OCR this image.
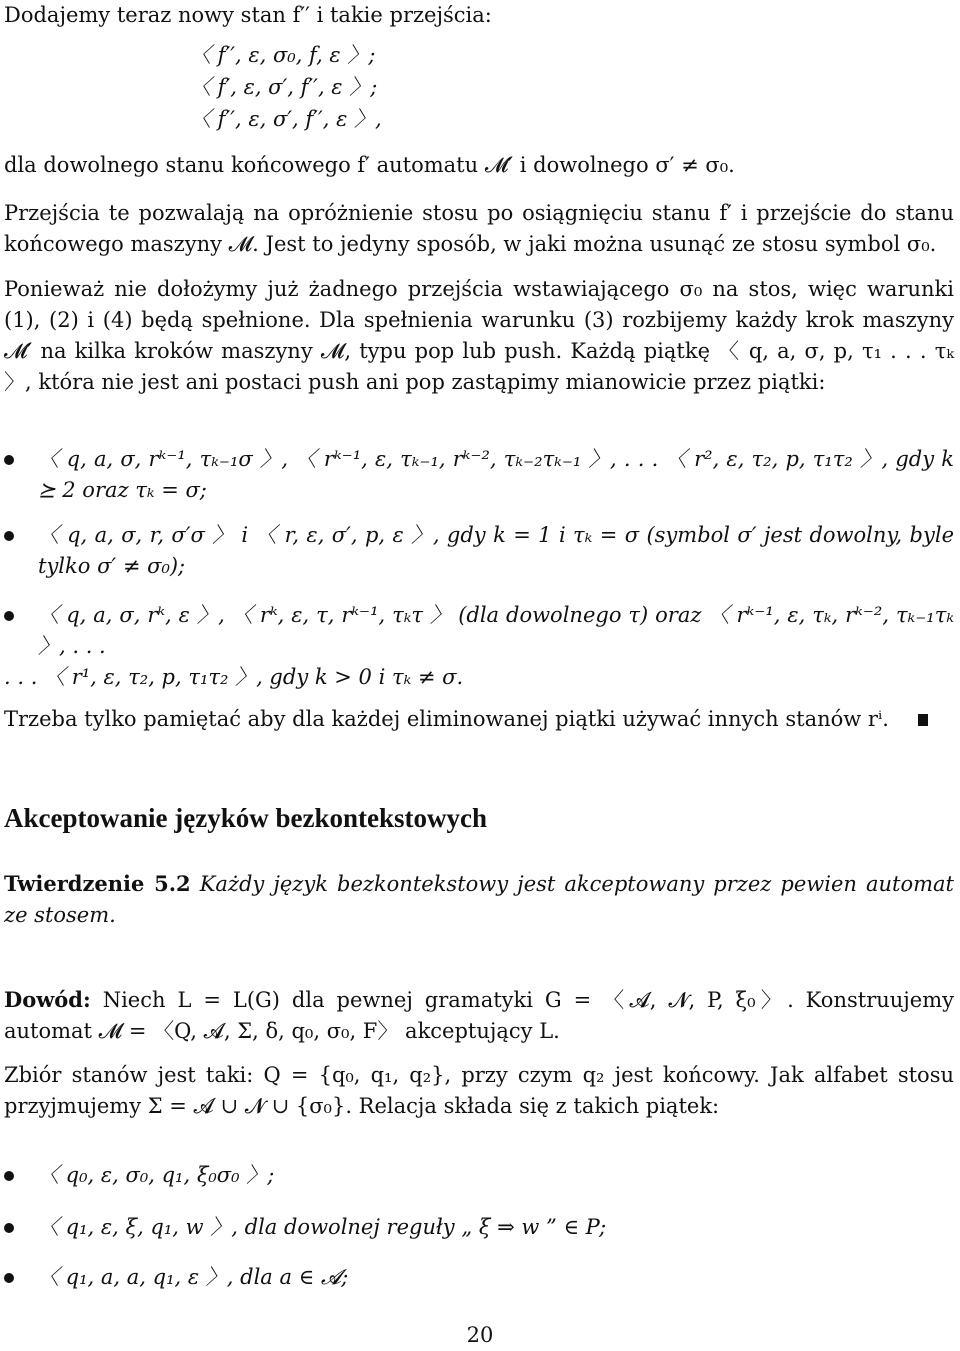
Dodajemy teraz nowy stan f′′ i takie przejścia:

〈 f′′, ε, σ₀, f, ε 〉;

〈 f′, ε, σ′, f′′, ε 〉;

〈 f′′, ε, σ′, f′′, ε 〉,

dla dowolnego stanu końcowego f′ automatu 𝓜′ i dowolnego σ′ ≠ σ₀.

Przejścia te pozwalają na opróżnienie stosu po osiągnięciu stanu f′ i przejście do stanu końcowego maszyny 𝓜. Jest to jedyny sposób, w jaki można usunąć ze stosu symbol σ₀.

Ponieważ nie dołożymy już żadnego przejścia wstawiającego σ₀ na stos, więc warunki (1), (2) i (4) będą spełnione. Dla spełnienia warunku (3) rozbijemy każdy krok maszyny 𝓜′ na kilka kroków maszyny 𝓜, typu pop lub push. Każdą piątkę 〈 q, a, σ, p, τ₁ . . . τₖ 〉, która nie jest ani postaci push ani pop zastąpimy mianowicie przez piątki:

〈 q, a, σ, rᵏ⁻¹, τₖ₋₁σ 〉, 〈 rᵏ⁻¹, ε, τₖ₋₁, rᵏ⁻², τₖ₋₂τₖ₋₁ 〉, . . . 〈 r², ε, τ₂, p, τ₁τ₂ 〉, gdy k ⪰ 2 oraz τₖ = σ;

〈 q, a, σ, r, σ′σ 〉 i 〈 r, ε, σ′, p, ε 〉, gdy k = 1 i τₖ = σ (symbol σ′ jest dowolny, byle tylko σ′ ≠ σ₀);

〈 q, a, σ, rᵏ, ε 〉, 〈 rᵏ, ε, τ, rᵏ⁻¹, τₖτ 〉 (dla dowolnego τ) oraz 〈 rᵏ⁻¹, ε, τₖ, rᵏ⁻², τₖ₋₁τₖ 〉, . . .

. . . 〈 r¹, ε, τ₂, p, τ₁τ₂ 〉, gdy k > 0 i τₖ ≠ σ.

Trzeba tylko pamiętać aby dla każdej eliminowanej piątki używać innych stanów rⁱ.

Akceptowanie języków bezkontekstowych

Twierdzenie 5.2 Każdy język bezkontekstowy jest akceptowany przez pewien automat ze stosem.

Dowód: Niech L = L(G) dla pewnej gramatyki G = 〈𝓐, 𝓝, P, ξ₀〉. Konstruujemy automat 𝓜 = 〈Q, 𝓐, Σ, δ, q₀, σ₀, F〉 akceptujący L.

Zbiór stanów jest taki: Q = {q₀, q₁, q₂}, przy czym q₂ jest końcowy. Jak alfabet stosu przyjmujemy Σ = 𝓐 ∪ 𝓝 ∪ {σ₀}. Relacja składa się z takich piątek:

〈 q₀, ε, σ₀, q₁, ξ₀σ₀ 〉;

〈 q₁, ε, ξ, q₁, w 〉, dla dowolnej reguły „ ξ ⇒ w ” ∈ P;

〈 q₁, a, a, q₁, ε 〉, dla a ∈ 𝓐;

20
